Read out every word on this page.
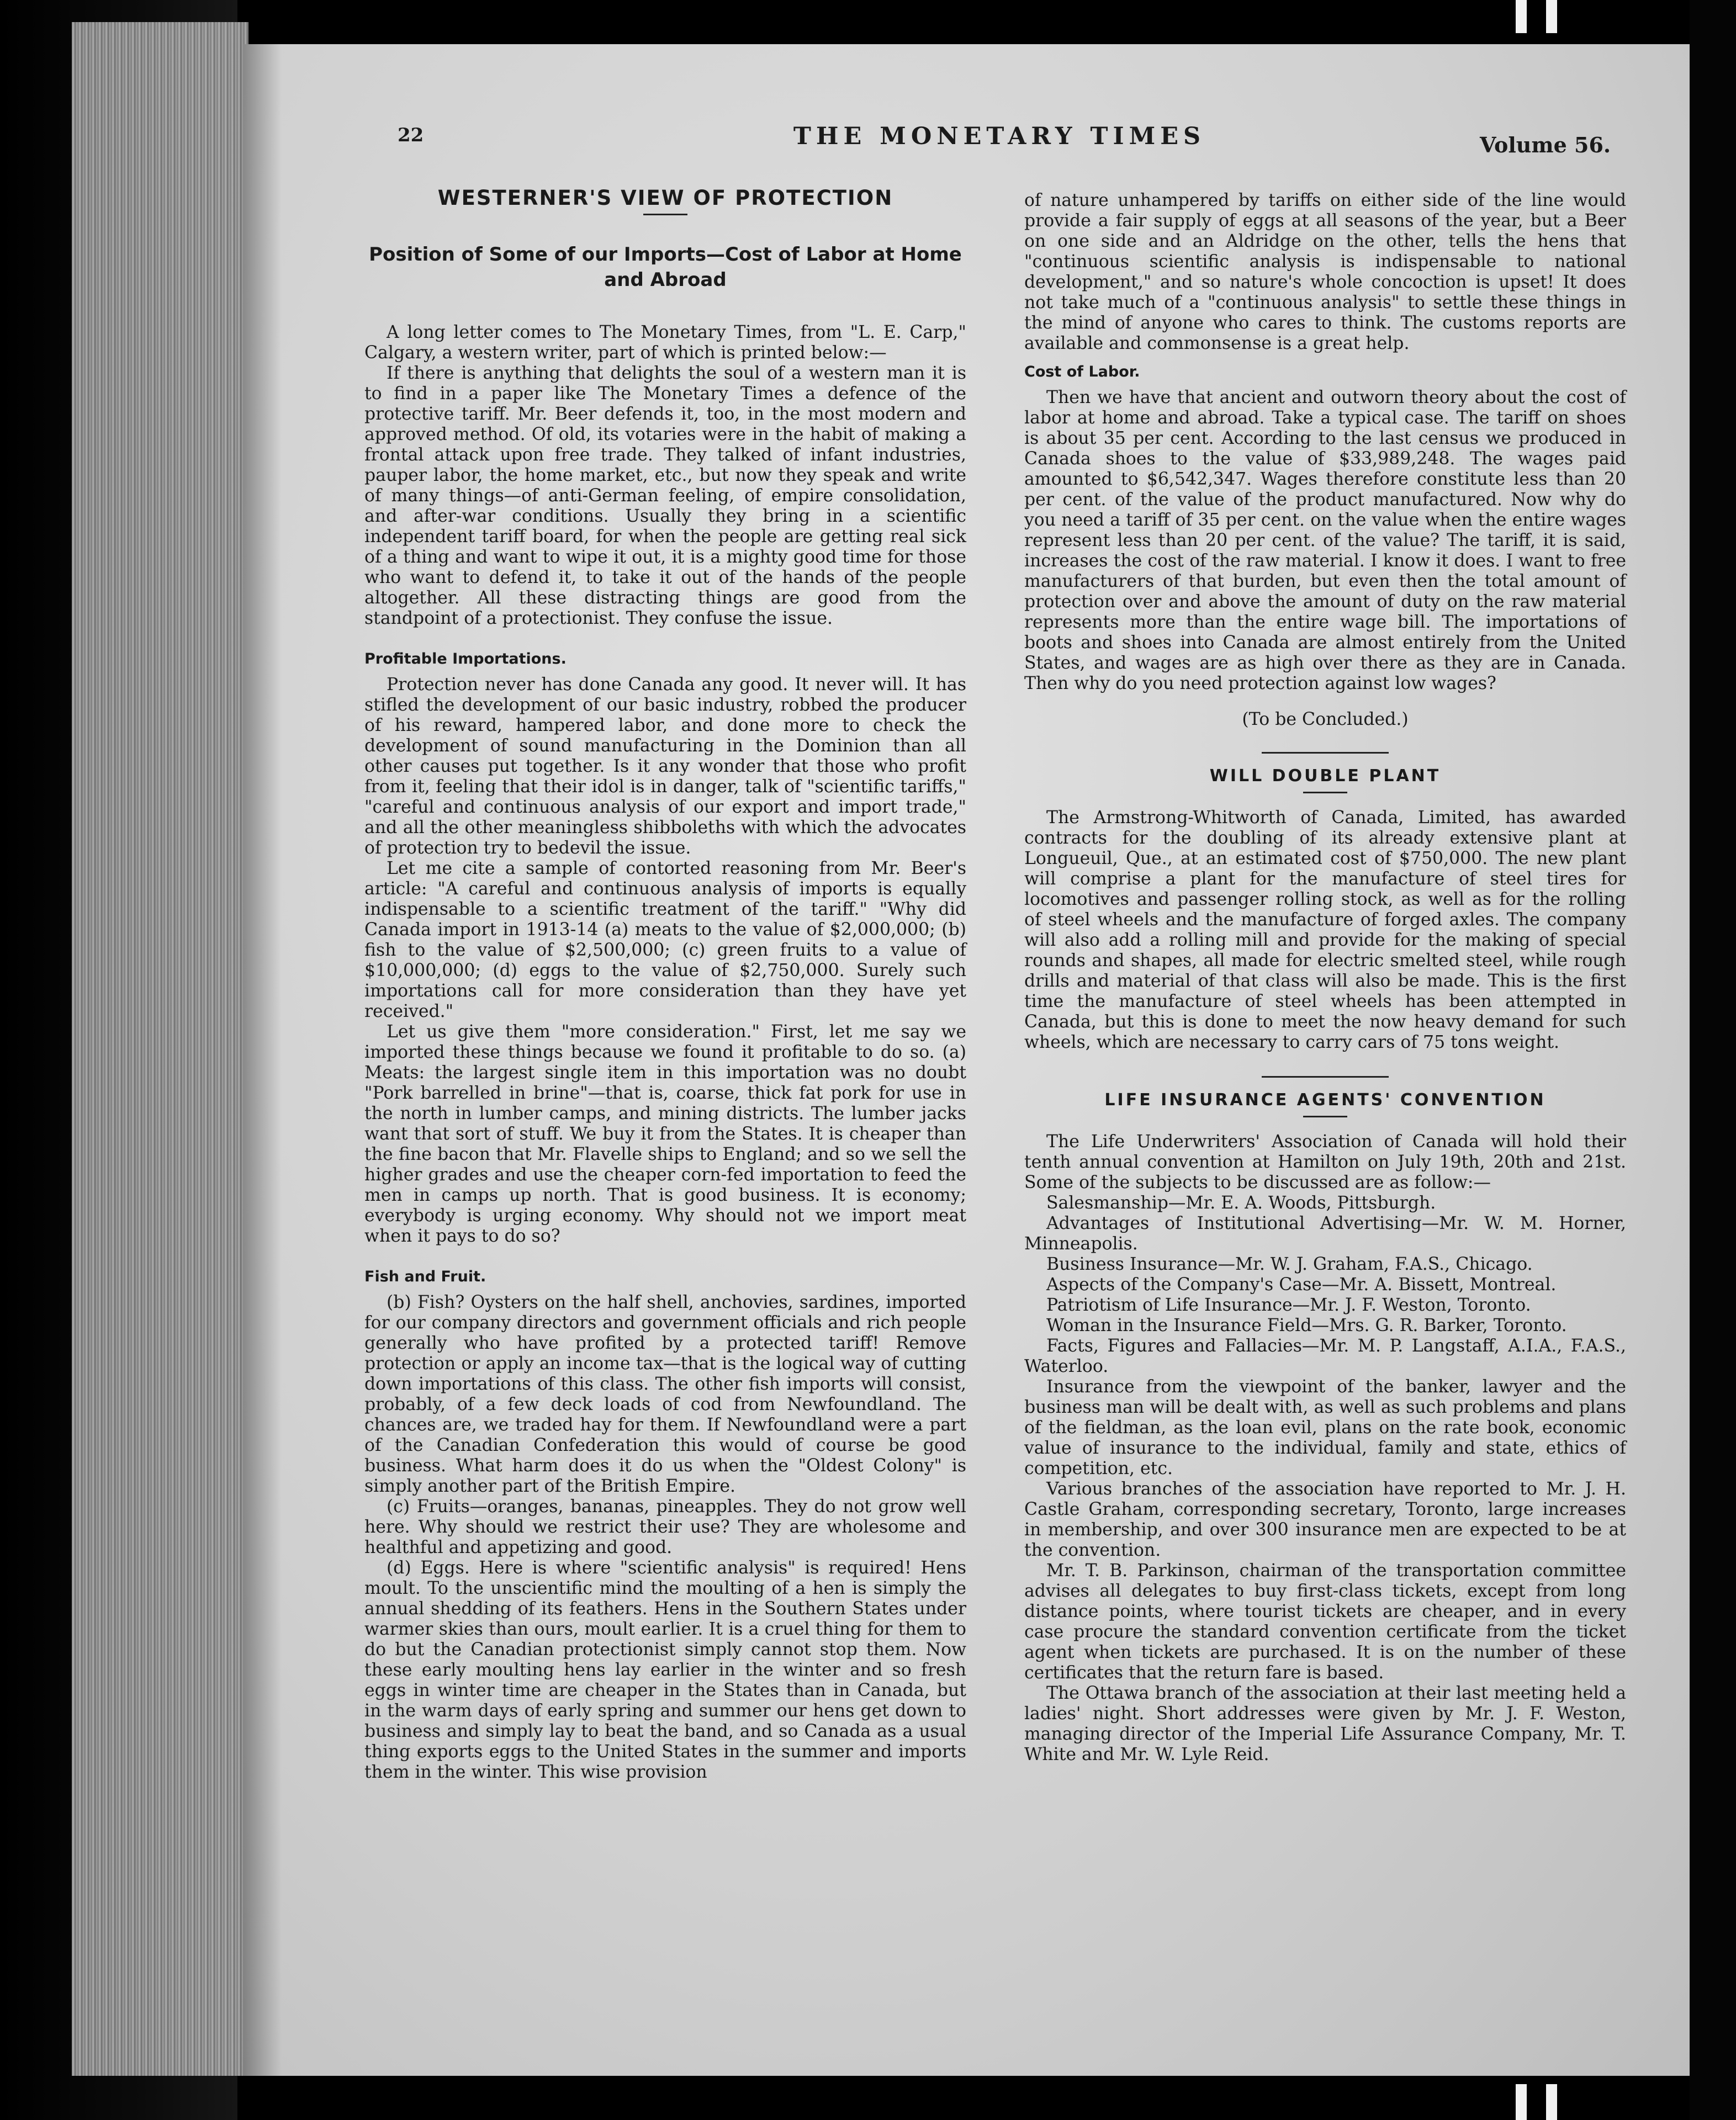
22	THE MONETARY TIMES	Volume 56.
WESTERNER'S VIEW OF PROTECTION
Position of Some of our Imports—Cost of Labor at Home and Abroad

A long letter comes to The Monetary Times, from "L. E. Carp," Calgary, a western writer, part of which is printed below:—

If there is anything that delights the soul of a western man it is to find in a paper like The Monetary Times a defence of the protective tariff. Mr. Beer defends it, too, in the most modern and approved method. Of old, its votaries were in the habit of making a frontal attack upon free trade. They talked of infant industries, pauper labor, the home market, etc., but now they speak and write of many things—of anti-German feeling, of empire consolidation, and after-war conditions. Usually they bring in a scientific independent tariff board, for when the people are getting real sick of a thing and want to wipe it out, it is a mighty good time for those who want to defend it, to take it out of the hands of the people altogether. All these distracting things are good from the standpoint of a protectionist. They confuse the issue.

Profitable Importations.

Protection never has done Canada any good. It never will. It has stifled the development of our basic industry, robbed the producer of his reward, hampered labor, and done more to check the development of sound manufacturing in the Dominion than all other causes put together. Is it any wonder that those who profit from it, feeling that their idol is in danger, talk of "scientific tariffs," "careful and continuous analysis of our export and import trade," and all the other meaningless shibboleths with which the advocates of protection try to bedevil the issue.

Let me cite a sample of contorted reasoning from Mr. Beer's article: "A careful and continuous analysis of imports is equally indispensable to a scientific treatment of the tariff." "Why did Canada import in 1913-14 (a) meats to the value of $2,000,000; (b) fish to the value of $2,500,000; (c) green fruits to a value of $10,000,000; (d) eggs to the value of $2,750,000. Surely such importations call for more consideration than they have yet received."

Let us give them "more consideration." First, let me say we imported these things because we found it profitable to do so. (a) Meats: the largest single item in this importation was no doubt "Pork barrelled in brine"—that is, coarse, thick fat pork for use in the north in lumber camps, and mining districts. The lumber jacks want that sort of stuff. We buy it from the States. It is cheaper than the fine bacon that Mr. Flavelle ships to England; and so we sell the higher grades and use the cheaper corn-fed importation to feed the men in camps up north. That is good business. It is economy; everybody is urging economy. Why should not we import meat when it pays to do so?

Fish and Fruit.

(b) Fish? Oysters on the half shell, anchovies, sardines, imported for our company directors and government officials and rich people generally who have profited by a protected tariff! Remove protection or apply an income tax—that is the logical way of cutting down importations of this class. The other fish imports will consist, probably, of a few deck loads of cod from Newfoundland. The chances are, we traded hay for them. If Newfoundland were a part of the Canadian Confederation this would of course be good business. What harm does it do us when the "Oldest Colony" is simply another part of the British Empire.

(c) Fruits—oranges, bananas, pineapples. They do not grow well here. Why should we restrict their use? They are wholesome and healthful and appetizing and good.

(d) Eggs. Here is where "scientific analysis" is required! Hens moult. To the unscientific mind the moulting of a hen is simply the annual shedding of its feathers. Hens in the Southern States under warmer skies than ours, moult earlier. It is a cruel thing for them to do but the Canadian protectionist simply cannot stop them. Now these early moulting hens lay earlier in the winter and so fresh eggs in winter time are cheaper in the States than in Canada, but in the warm days of early spring and summer our hens get down to business and simply lay to beat the band, and so Canada as a usual thing exports eggs to the United States in the summer and imports them in the winter. This wise provision

of nature unhampered by tariffs on either side of the line would provide a fair supply of eggs at all seasons of the year, but a Beer on one side and an Aldridge on the other, tells the hens that "continuous scientific analysis is indispensable to national development," and so nature's whole concoction is upset! It does not take much of a "continuous analysis" to settle these things in the mind of anyone who cares to think. The customs reports are available and commonsense is a great help.

Cost of Labor.

Then we have that ancient and outworn theory about the cost of labor at home and abroad. Take a typical case. The tariff on shoes is about 35 per cent. According to the last census we produced in Canada shoes to the value of $33,989,248. The wages paid amounted to $6,542,347. Wages therefore constitute less than 20 per cent. of the value of the product manufactured. Now why do you need a tariff of 35 per cent. on the value when the entire wages represent less than 20 per cent. of the value? The tariff, it is said, increases the cost of the raw material. I know it does. I want to free manufacturers of that burden, but even then the total amount of protection over and above the amount of duty on the raw material represents more than the entire wage bill. The importations of boots and shoes into Canada are almost entirely from the United States, and wages are as high over there as they are in Canada. Then why do you need protection against low wages?

(To be Concluded.)
WILL DOUBLE PLANT

The Armstrong-Whitworth of Canada, Limited, has awarded contracts for the doubling of its already extensive plant at Longueuil, Que., at an estimated cost of $750,000. The new plant will comprise a plant for the manufacture of steel tires for locomotives and passenger rolling stock, as well as for the rolling of steel wheels and the manufacture of forged axles. The company will also add a rolling mill and provide for the making of special rounds and shapes, all made for electric smelted steel, while rough drills and material of that class will also be made. This is the first time the manufacture of steel wheels has been attempted in Canada, but this is done to meet the now heavy demand for such wheels, which are necessary to carry cars of 75 tons weight.

LIFE INSURANCE AGENTS' CONVENTION

The Life Underwriters' Association of Canada will hold their tenth annual convention at Hamilton on July 19th, 20th and 21st. Some of the subjects to be discussed are as follow:—

Salesmanship—Mr. E. A. Woods, Pittsburgh.

Advantages of Institutional Advertising—Mr. W. M. Horner, Minneapolis.

Business Insurance—Mr. W. J. Graham, F.A.S., Chicago.

Aspects of the Company's Case—Mr. A. Bissett, Montreal.

Patriotism of Life Insurance—Mr. J. F. Weston, Toronto.

Woman in the Insurance Field—Mrs. G. R. Barker, Toronto.

Facts, Figures and Fallacies—Mr. M. P. Langstaff, A.I.A., F.A.S., Waterloo.

Insurance from the viewpoint of the banker, lawyer and the business man will be dealt with, as well as such problems and plans of the fieldman, as the loan evil, plans on the rate book, economic value of insurance to the individual, family and state, ethics of competition, etc.

Various branches of the association have reported to Mr. J. H. Castle Graham, corresponding secretary, Toronto, large increases in membership, and over 300 insurance men are expected to be at the convention.

Mr. T. B. Parkinson, chairman of the transportation committee advises all delegates to buy first-class tickets, except from long distance points, where tourist tickets are cheaper, and in every case procure the standard convention certificate from the ticket agent when tickets are purchased. It is on the number of these certificates that the return fare is based.

The Ottawa branch of the association at their last meeting held a ladies' night. Short addresses were given by Mr. J. F. Weston, managing director of the Imperial Life Assurance Company, Mr. T. White and Mr. W. Lyle Reid.
